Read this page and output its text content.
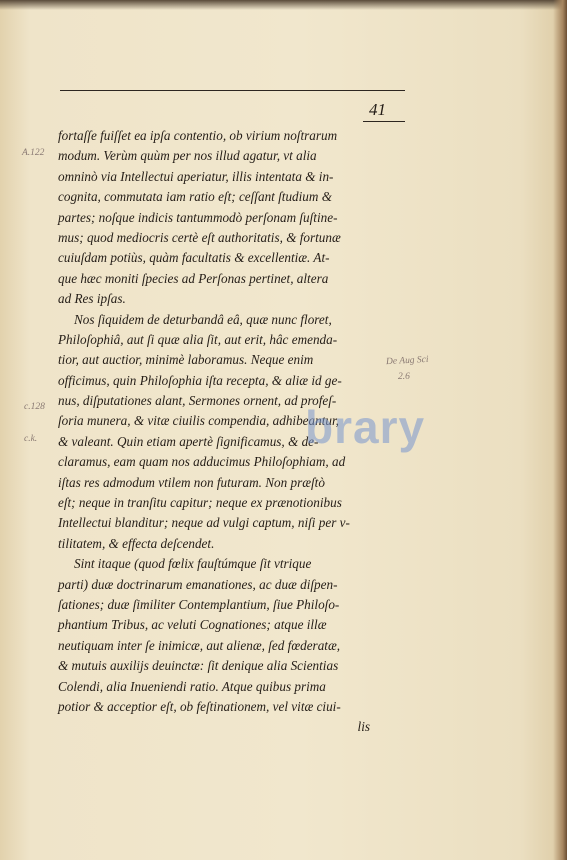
41
fortaſſe fuiſſet ea ipſa contentio, ob virium noſtrarum
modum. Verùm quùm per nos illud agatur, vt alia
omninò via Intellectui aperiatur, illis intentata & in-
cognita, commutata iam ratio eſt; ceſſant ſtudium &
partes; noſque indicis tantummodò perſonam ſuſtine-
mus; quod mediocris certè eſt authoritatis, & fortunæ
cuiuſdam potiùs, quàm facultatis & excellentiæ. At-
que hæc moniti ſpecies ad Perſonas pertinet, altera
ad Res ipſas.
Nos ſiquidem de deturbandâ eâ, quæ nunc floret,
Philoſophiâ, aut ſi quæ alia ſit, aut erit, hâc emenda-
tior, aut auctior, minimè laboramus. Neque enim
officimus, quin Philoſophia iſta recepta, & aliæ id ge-
nus, diſputationes alant, Sermones ornent, ad profeſ-
ſoria munera, & vitæ ciuilis compendia, adhibeantur,
& valeant. Quin etiam apertè ſignificamus, & de-
claramus, eam quam nos adducimus Philoſophiam, ad
iſtas res admodum vtilem non futuram. Non præſtò
eſt; neque in tranſitu capitur; neque ex prænotionibus
Intellectui blanditur; neque ad vulgi captum, niſi per v-
tilitatem, & effecta deſcendet.
Sint itaque (quod fœlix fauſtúmque ſit vtrique
parti) duæ doctrinarum emanationes, ac duæ diſpen-
ſationes; duæ ſimiliter Contemplantium, ſiue Philoſo-
phantium Tribus, ac veluti Cognationes; atque illæ
neutiquam inter ſe inimicæ, aut alienæ, ſed fœderatæ,
& mutuis auxilijs deuinctæ: ſit denique alia Scientias
Colendi, alia Inueniendi ratio. Atque quibus prima
potior & acceptior eſt, ob feſtinationem, vel vitæ ciui-
lis
A.122
c.128
c.k.
De Aug Sci
2.6
brary
